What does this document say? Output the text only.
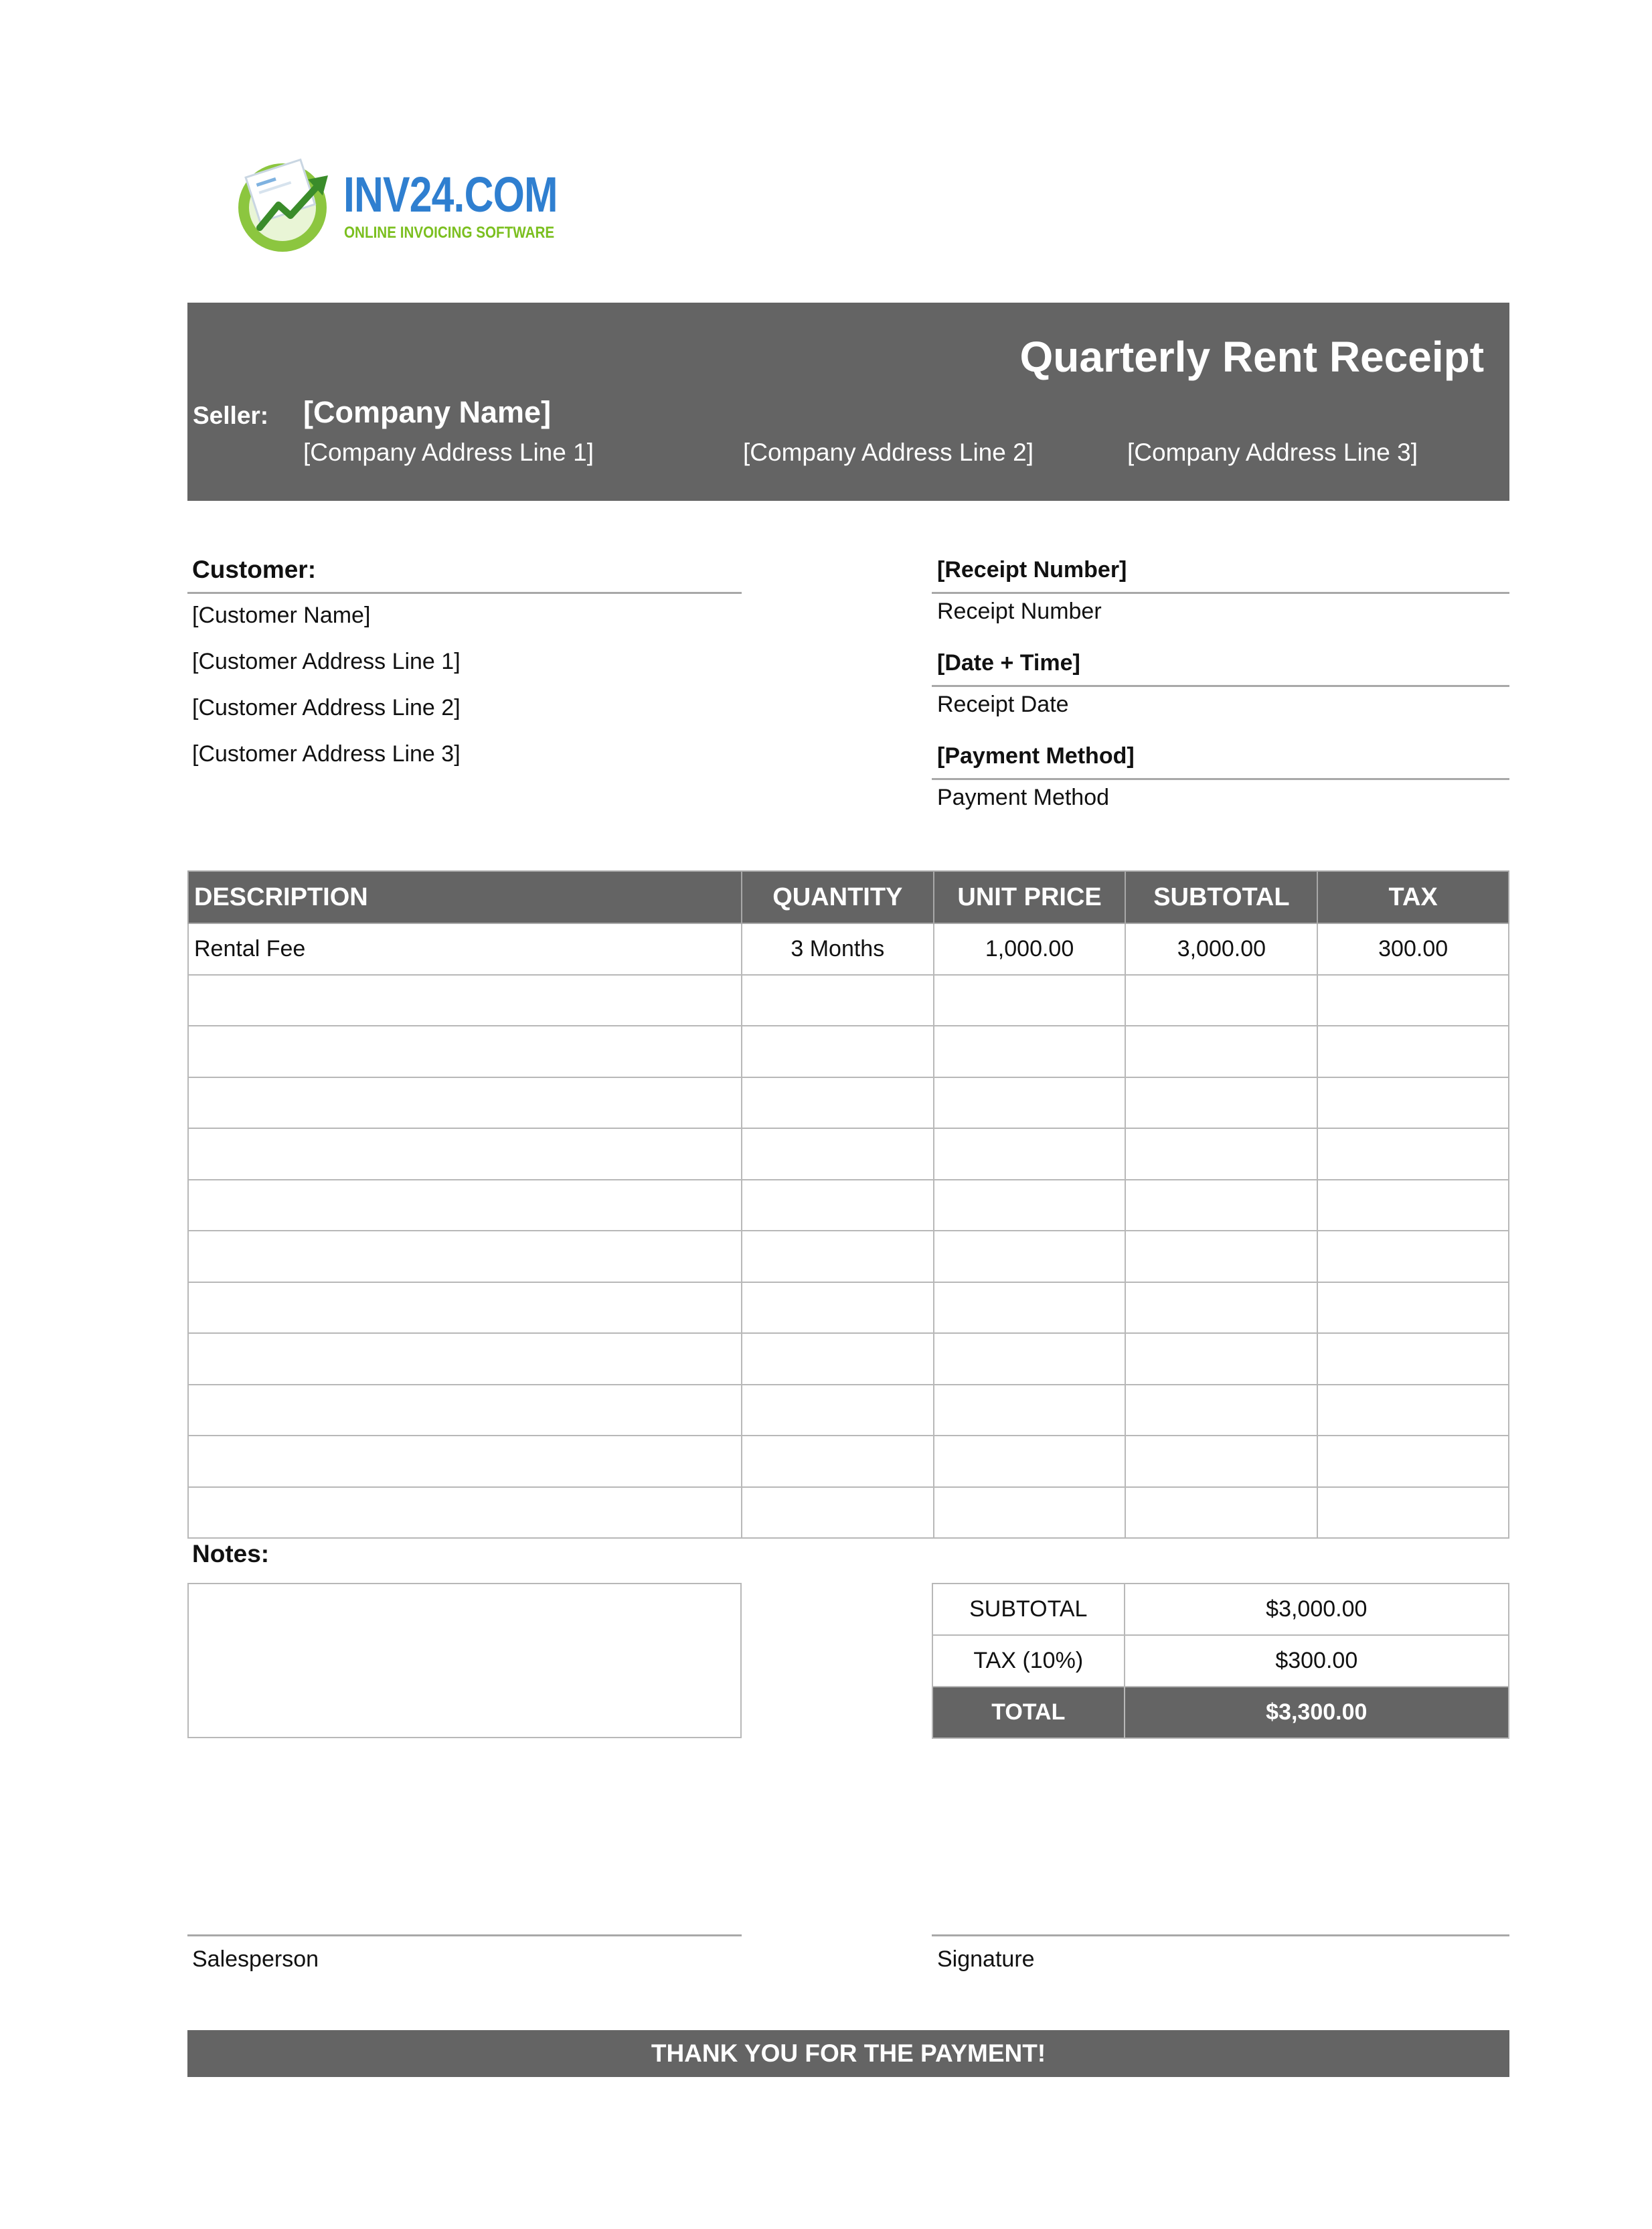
INV24.COM
ONLINE INVOICING SOFTWARE
Quarterly Rent Receipt
Seller: [Company Name]
[Company Address Line 1]	[Company Address Line 2]	[Company Address Line 3]
Customer:
[Customer Name]
[Customer Address Line 1]
[Customer Address Line 2]
[Customer Address Line 3]
[Receipt Number]
Receipt Number
[Date + Time]
Receipt Date
[Payment Method]
Payment Method
DESCRIPTION	QUANTITY	UNIT PRICE	SUBTOTAL	TAX
Rental Fee	3 Months	1,000.00	3,000.00	300.00

Notes:
SUBTOTAL	$3,000.00
TAX (10%)	$300.00
TOTAL	$3,300.00
Salesperson	Signature
THANK YOU FOR THE PAYMENT!
